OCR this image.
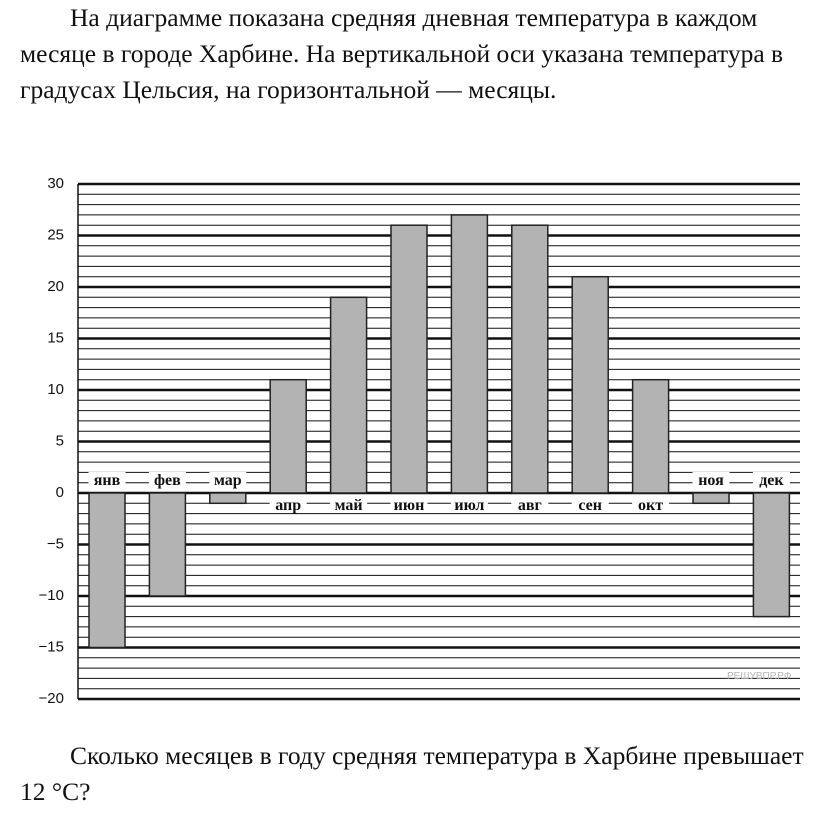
На диаграмме показана средняя дневная температура в каждом месяце в городе Харбине. На вертикальной оси указана температура в градусах Цельсия, на горизонтальной — месяцы.

янв фев мар
апр май июн июл авг сен окт
ноя дек
30
25
20
15
10
5
0
−5
−10
−15
−20
РЕШУВПР.РФ

Сколько месяцев в году средняя температура в Харбине превышает 12 °C?
